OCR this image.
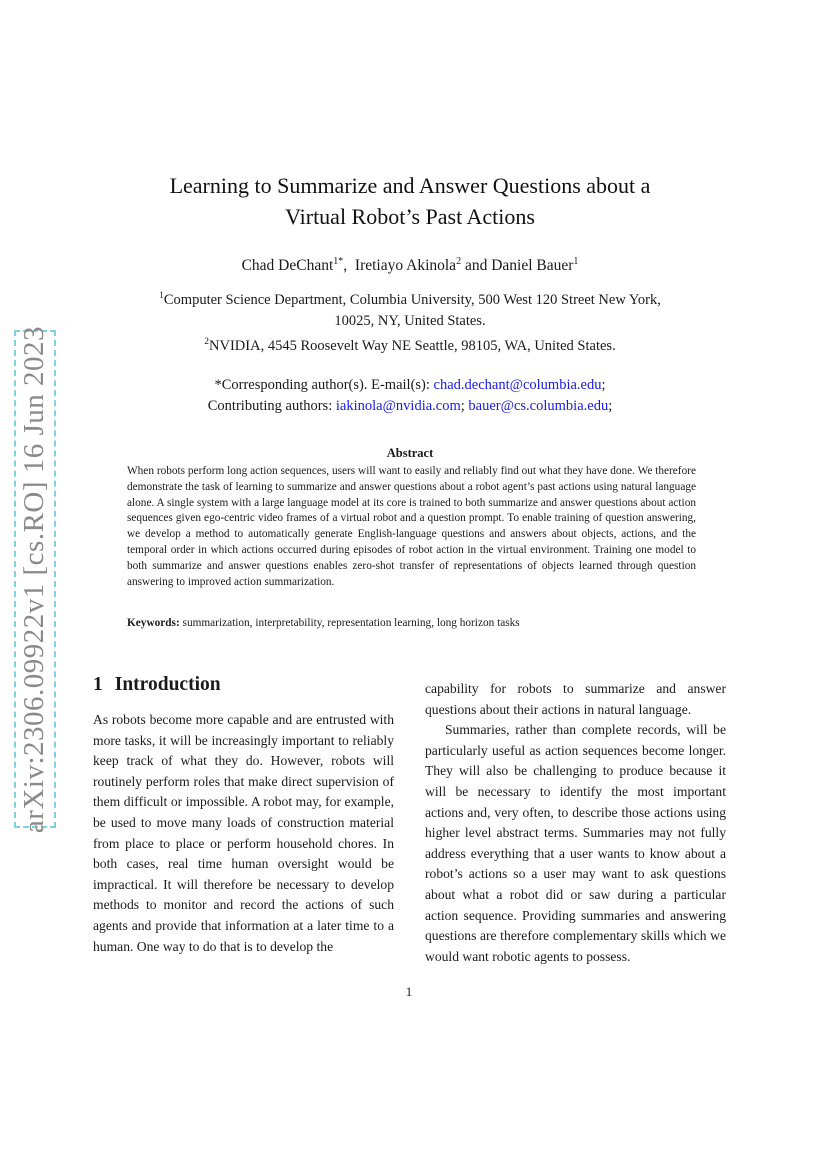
arXiv:2306.09922v1 [cs.RO] 16 Jun 2023
Learning to Summarize and Answer Questions about a
Virtual Robot’s Past Actions
Chad DeChant$^{1*}$,  Iretiayo Akinola$^2$ and Daniel Bauer$^1$
$^1$Computer Science Department, Columbia University, 500 West 120 Street New York,
10025, NY, United States.
$^2$NVIDIA, 4545 Roosevelt Way NE Seattle, 98105, WA, United States.
*Corresponding author(s). E-mail(s): chad.dechant@columbia.edu;
Contributing authors: iakinola@nvidia.com; bauer@cs.columbia.edu;
Abstract
When robots perform long action sequences, users will want to easily and reliably find out what they have done. We therefore demonstrate the task of learning to summarize and answer questions about a robot agent’s past actions using natural language alone. A single system with a large language model at its core is trained to both summarize and answer questions about action sequences given ego-centric video frames of a virtual robot and a question prompt. To enable training of question answering, we develop a method to automatically generate English-language questions and answers about objects, actions, and the temporal order in which actions occurred during episodes of robot action in the virtual environment. Training one model to both summarize and answer questions enables zero-shot transfer of representations of objects learned through question answering to improved action summarization.
Keywords: summarization, interpretability, representation learning, long horizon tasks
1 Introduction

As robots become more capable and are entrusted with more tasks, it will be increasingly important to reliably keep track of what they do. However, robots will routinely perform roles that make direct supervision of them difficult or impossible. A robot may, for example, be used to move many loads of construction material from place to place or perform household chores. In both cases, real time human oversight would be impractical. It will therefore be necessary to develop methods to monitor and record the actions of such agents and provide that information at a later time to a human. One way to do that is to develop the

capability for robots to summarize and answer questions about their actions in natural language.

Summaries, rather than complete records, will be particularly useful as action sequences become longer. They will also be challenging to produce because it will be necessary to identify the most important actions and, very often, to describe those actions using higher level abstract terms. Summaries may not fully address everything that a user wants to know about a robot’s actions so a user may want to ask questions about what a robot did or saw during a particular action sequence. Providing summaries and answering questions are therefore complementary skills which we would want robotic agents to possess.

1
